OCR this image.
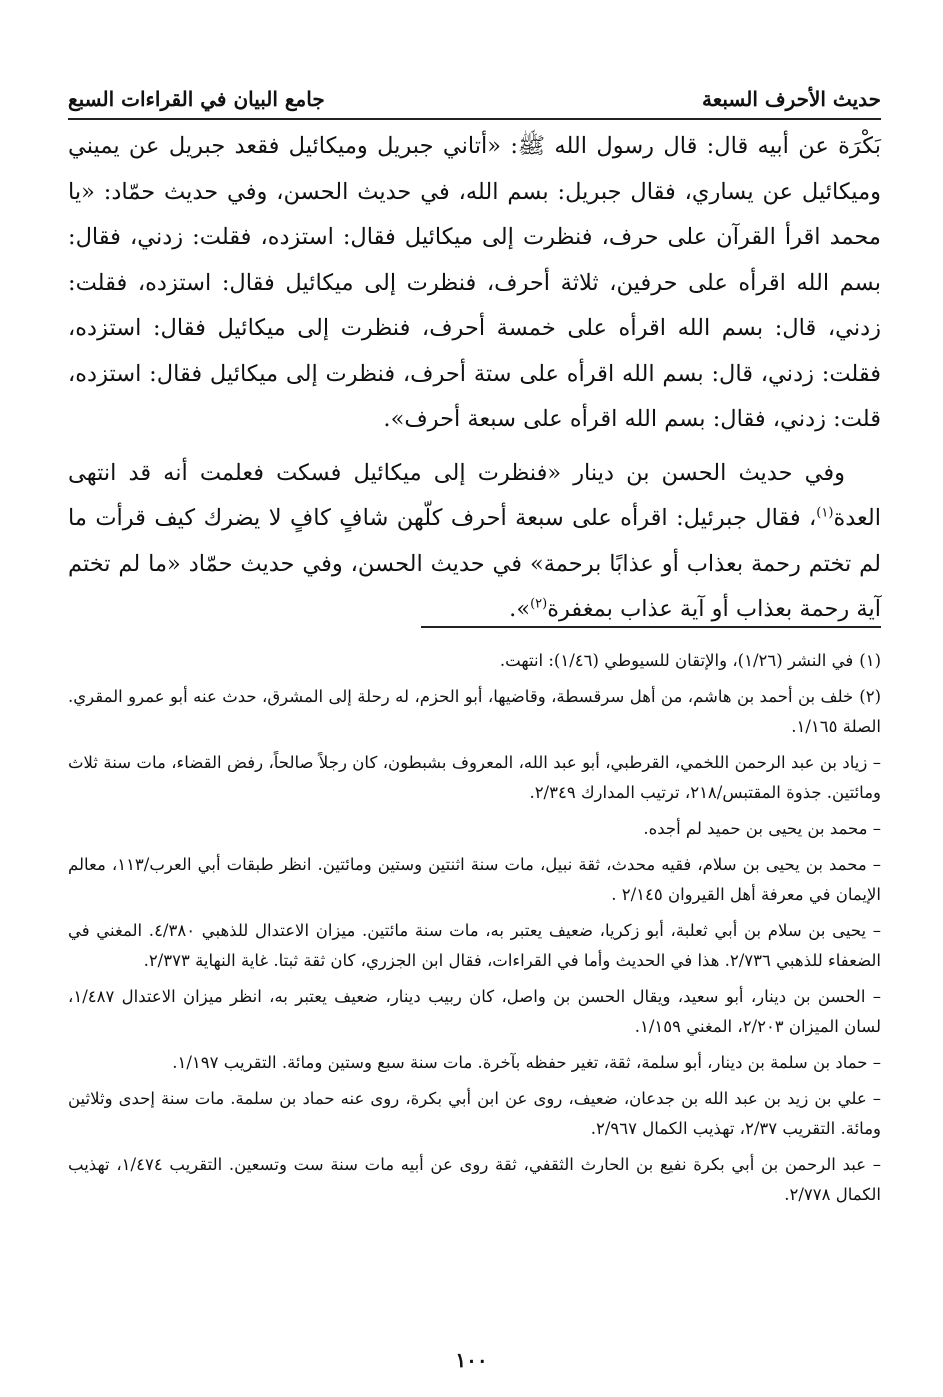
حديث الأحرف السبعة
جامع البيان في القراءات السبع

بَكْرَة عن أبيه قال: قال رسول الله ﷺ: «أتاني جبريل وميكائيل فقعد جبريل عن يميني وميكائيل عن يساري، فقال جبريل: بسم الله، في حديث الحسن، وفي حديث حمّاد: «يا محمد اقرأ القرآن على حرف، فنظرت إلى ميكائيل فقال: استزده، فقلت: زدني، فقال: بسم الله اقرأه على حرفين، ثلاثة أحرف، فنظرت إلى ميكائيل فقال: استزده، فقلت: زدني، قال: بسم الله اقرأه على خمسة أحرف، فنظرت إلى ميكائيل فقال: استزده، فقلت: زدني، قال: بسم الله اقرأه على ستة أحرف، فنظرت إلى ميكائيل فقال: استزده، قلت: زدني، فقال: بسم الله اقرأه على سبعة أحرف».

وفي حديث الحسن بن دينار «فنظرت إلى ميكائيل فسكت فعلمت أنه قد انتهى العدة$^{(١)}$، فقال جبرئيل: اقرأه على سبعة أحرف كلّهن شافٍ كافٍ لا يضرك كيف قرأت ما لم تختم رحمة بعذاب أو عذابًا برحمة» في حديث الحسن، وفي حديث حمّاد «ما لم تختم آية رحمة بعذاب أو آية عذاب بمغفرة$^{(٢)}$».

(١)في النشر (١/٢٦)، والإتقان للسيوطي (١/٤٦): انتهت.

(٢)خلف بن أحمد بن هاشم، من أهل سرقسطة، وقاضيها، أبو الحزم، له رحلة إلى المشرق، حدث عنه أبو عمرو المقري. الصلة ١/١٦٥.

– زياد بن عبد الرحمن اللخمي، القرطبي، أبو عبد الله، المعروف بشبطون، كان رجلاً صالحاً، رفض القضاء، مات سنة ثلاث ومائتين. جذوة المقتبس/٢١٨، ترتيب المدارك ٢/٣٤٩.

– محمد بن يحيى بن حميد لم أجده.

– محمد بن يحيى بن سلام، فقيه محدث، ثقة نبيل، مات سنة اثنتين وستين ومائتين. انظر طبقات أبي العرب/١١٣، معالم الإيمان في معرفة أهل القيروان ٢/١٤٥ .

– يحيى بن سلام بن أبي ثعلبة، أبو زكريا، ضعيف يعتبر به، مات سنة مائتين. ميزان الاعتدال للذهبي ٤/٣٨٠. المغني في الضعفاء للذهبي ٢/٧٣٦. هذا في الحديث وأما في القراءات، فقال ابن الجزري، كان ثقة ثبتا. غاية النهاية ٢/٣٧٣.

– الحسن بن دينار، أبو سعيد، ويقال الحسن بن واصل، كان ربيب دينار، ضعيف يعتبر به، انظر ميزان الاعتدال ١/٤٨٧، لسان الميزان ٢/٢٠٣، المغني ١/١٥٩.

– حماد بن سلمة بن دينار، أبو سلمة، ثقة، تغير حفظه بآخرة. مات سنة سبع وستين ومائة. التقريب ١/١٩٧.

– علي بن زيد بن عبد الله بن جدعان، ضعيف، روى عن ابن أبي بكرة، روى عنه حماد بن سلمة. مات سنة إحدى وثلاثين ومائة. التقريب ٢/٣٧، تهذيب الكمال ٢/٩٦٧.

– عبد الرحمن بن أبي بكرة نفيع بن الحارث الثقفي، ثقة روى عن أبيه مات سنة ست وتسعين. التقريب ١/٤٧٤، تهذيب الكمال ٢/٧٧٨.

١٠٠
